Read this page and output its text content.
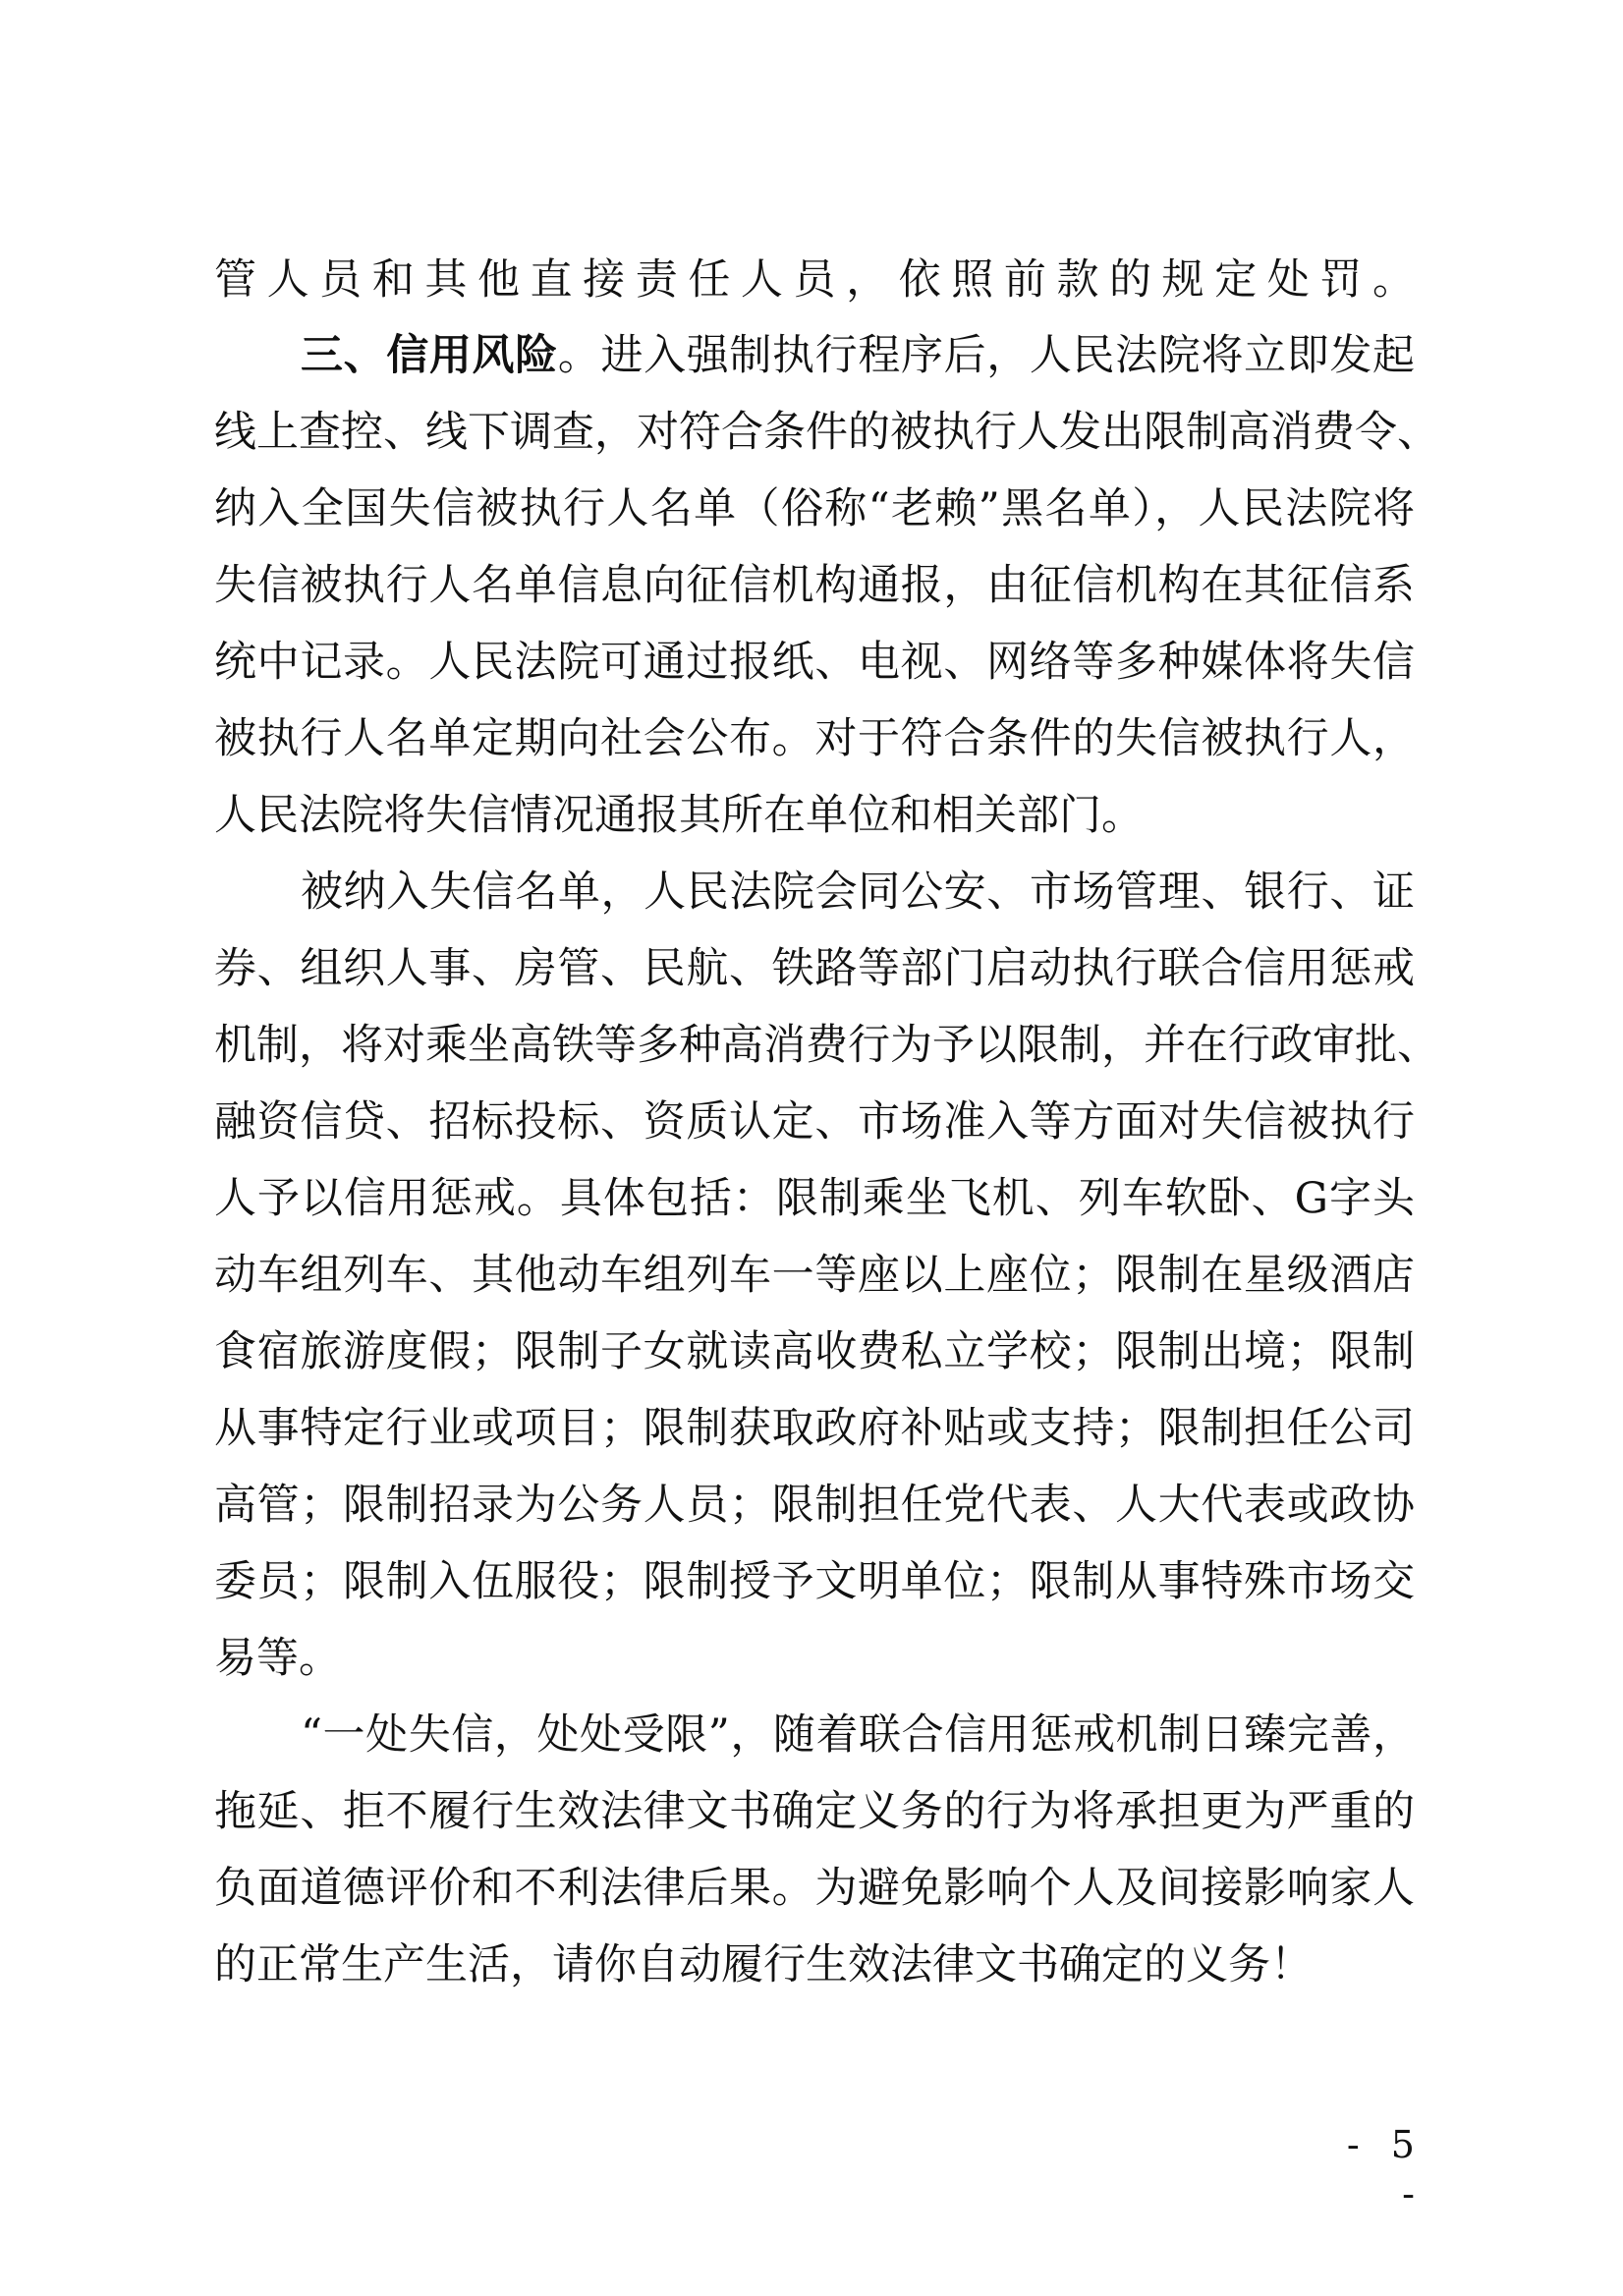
管人员和其他直接责任人员，依照前款的规定处罚。
三、信用风险。进入强制执行程序后，人民法院将立即发起
线上查控、线下调查，对符合条件的被执行人发出限制高消费令、
纳入全国失信被执行人名单（俗称“老赖”黑名单），人民法院将
失信被执行人名单信息向征信机构通报，由征信机构在其征信系
统中记录。人民法院可通过报纸、电视、网络等多种媒体将失信
被执行人名单定期向社会公布。对于符合条件的失信被执行人，
人民法院将失信情况通报其所在单位和相关部门。
被纳入失信名单，人民法院会同公安、市场管理、银行、证
券、组织人事、房管、民航、铁路等部门启动执行联合信用惩戒
机制，将对乘坐高铁等多种高消费行为予以限制，并在行政审批、
融资信贷、招标投标、资质认定、市场准入等方面对失信被执行
人予以信用惩戒。具体包括：限制乘坐飞机、列车软卧、G字头
动车组列车、其他动车组列车一等座以上座位；限制在星级酒店
食宿旅游度假；限制子女就读高收费私立学校；限制出境；限制
从事特定行业或项目；限制获取政府补贴或支持；限制担任公司
高管；限制招录为公务人员；限制担任党代表、人大代表或政协
委员；限制入伍服役；限制授予文明单位；限制从事特殊市场交
易等。
“一处失信，处处受限”，随着联合信用惩戒机制日臻完善，
拖延、拒不履行生效法律文书确定义务的行为将承担更为严重的
负面道德评价和不利法律后果。为避免影响个人及间接影响家人
的正常生产生活，请你自动履行生效法律文书确定的义务！
- 5 -
